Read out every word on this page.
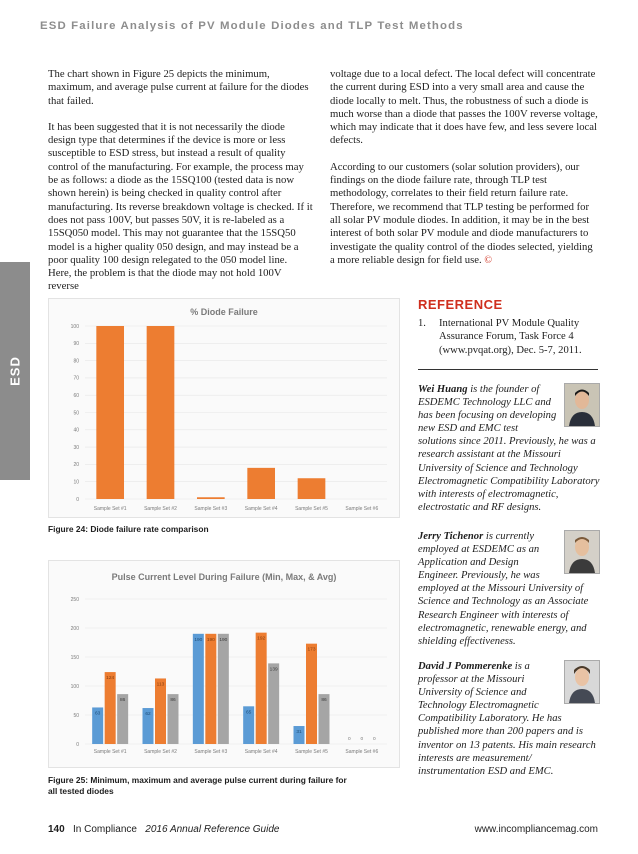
ESD Failure Analysis of PV Module Diodes and TLP Test Methods
ESD

The chart shown in Figure 25 depicts the minimum, maximum, and average pulse current at failure for the diodes that failed.

It has been suggested that it is not necessarily the diode design type that determines if the device is more or less susceptible to ESD stress, but instead a result of quality control of the manufacturing. For example, the process may be as follows: a diode as the 15SQ100 (tested data is now shown herein) is being checked in quality control after manufacturing. Its reverse breakdown voltage is checked. If it does not pass 100V, but passes 50V, it is re-labeled as a 15SQ050 model. This may not guarantee that the 15SQ50 model is a higher quality 050 design, and may instead be a poor quality 100 design relegated to the 050 model line. Here, the problem is that the diode may not hold 100V reverse

voltage due to a local defect. The local defect will concentrate the current during ESD into a very small area and cause the diode locally to melt. Thus, the robustness of such a diode is much worse than a diode that passes the 100V reverse voltage, which may indicate that it does have few, and less severe local defects.

According to our customers (solar solution providers), our findings on the diode failure rate, through TLP test methodology, correlates to their field return failure rate. Therefore, we recommend that TLP testing be performed for all solar PV module diodes. In addition, it may be in the best interest of both solar PV module and diode manufacturers to investigate the quality control of the diodes selected, yielding a more reliable design for field use. ©

% Diode Failure
0
10
20
30
40
50
60
70
80
90
100
Sample Set #1	Sample Set #2	Sample Set #3	Sample Set #4	Sample Set #5	Sample Set #6
Figure 24: Diode failure rate comparison
Pulse Current Level During Failure (Min, Max, & Avg)
0
50
100
150
200
250
63
124
86
Sample Set #1
62
113
86
Sample Set #2
190 190 190
Sample Set #3
65
192
139
Sample Set #4
31
173
86
Sample Set #5
0 0 0
Sample Set #6
Figure 25: Minimum, maximum and average pulse current during failure for all tested diodes
REFERENCE
1. International PV Module Quality Assurance Forum, Task Force 4 (www.pvqat.org), Dec. 5-7, 2011.
Wei Huang is the founder of ESDEMC Technology LLC and has been focusing on developing new ESD and EMC test solutions since 2011. Previously, he was a research assistant at the Missouri University of Science and Technology Electromagnetic Compatibility Laboratory with interests of electromagnetic, electrostatic and RF designs.
Jerry Tichenor is currently employed at ESDEMC as an Application and Design Engineer. Previously, he was employed at the Missouri University of Science and Technology as an Associate Research Engineer with interests of electromagnetic, renewable energy, and shielding effectiveness.
David J Pommerenke is a professor at the Missouri University of Science and Technology Electromagnetic Compatibility Laboratory. He has published more than 200 papers and is inventor on 13 patents. His main research interests are measurement/ instrumentation ESD and EMC.
140 In Compliance 2016 Annual Reference Guide	www.incompliancemag.com
